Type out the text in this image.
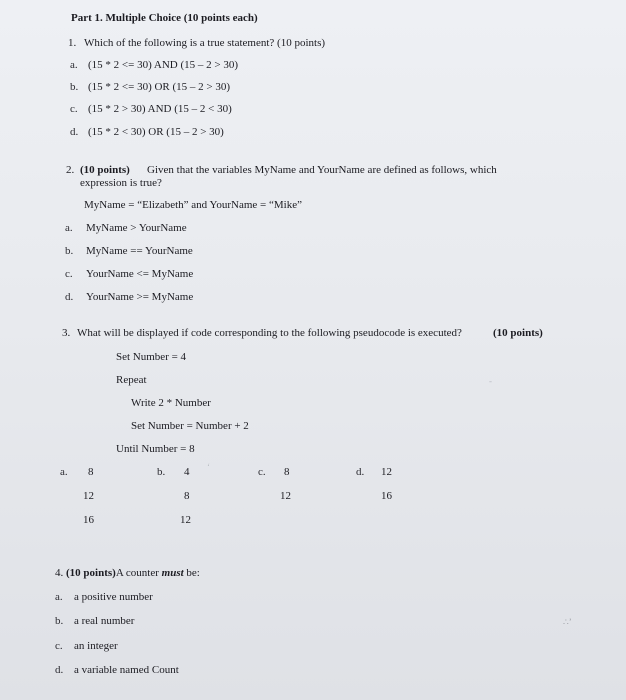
Part 1. Multiple Choice (10 points each)
1. Which of the following is a true statement? (10 points)
a. (15 * 2 <= 30) AND (15 – 2 > 30)
b. (15 * 2 <= 30) OR (15 – 2 > 30)
c. (15 * 2 > 30) AND (15 – 2 < 30)
d. (15 * 2 < 30) OR (15 – 2 > 30)
2. (10 points) Given that the variables MyName and YourName are defined as follows, which
expression is true?
MyName = “Elizabeth” and YourName = “Mike”
a. MyName > YourName
b. MyName == YourName
c. YourName <= MyName
d. YourName >= MyName
3. What will be displayed if code corresponding to the following pseudocode is executed?	(10 points)
Set Number = 4
Repeat
Write 2 * Number
Set Number = Number + 2
Until Number = 8
a. 8
12
16
b. 4
8
12
c. 8
12
d. 12
16
4. (10 points)A counter must be:
a. a positive number
b. a real number
c. an integer
d. a variable named Count
‘
-
∴’
